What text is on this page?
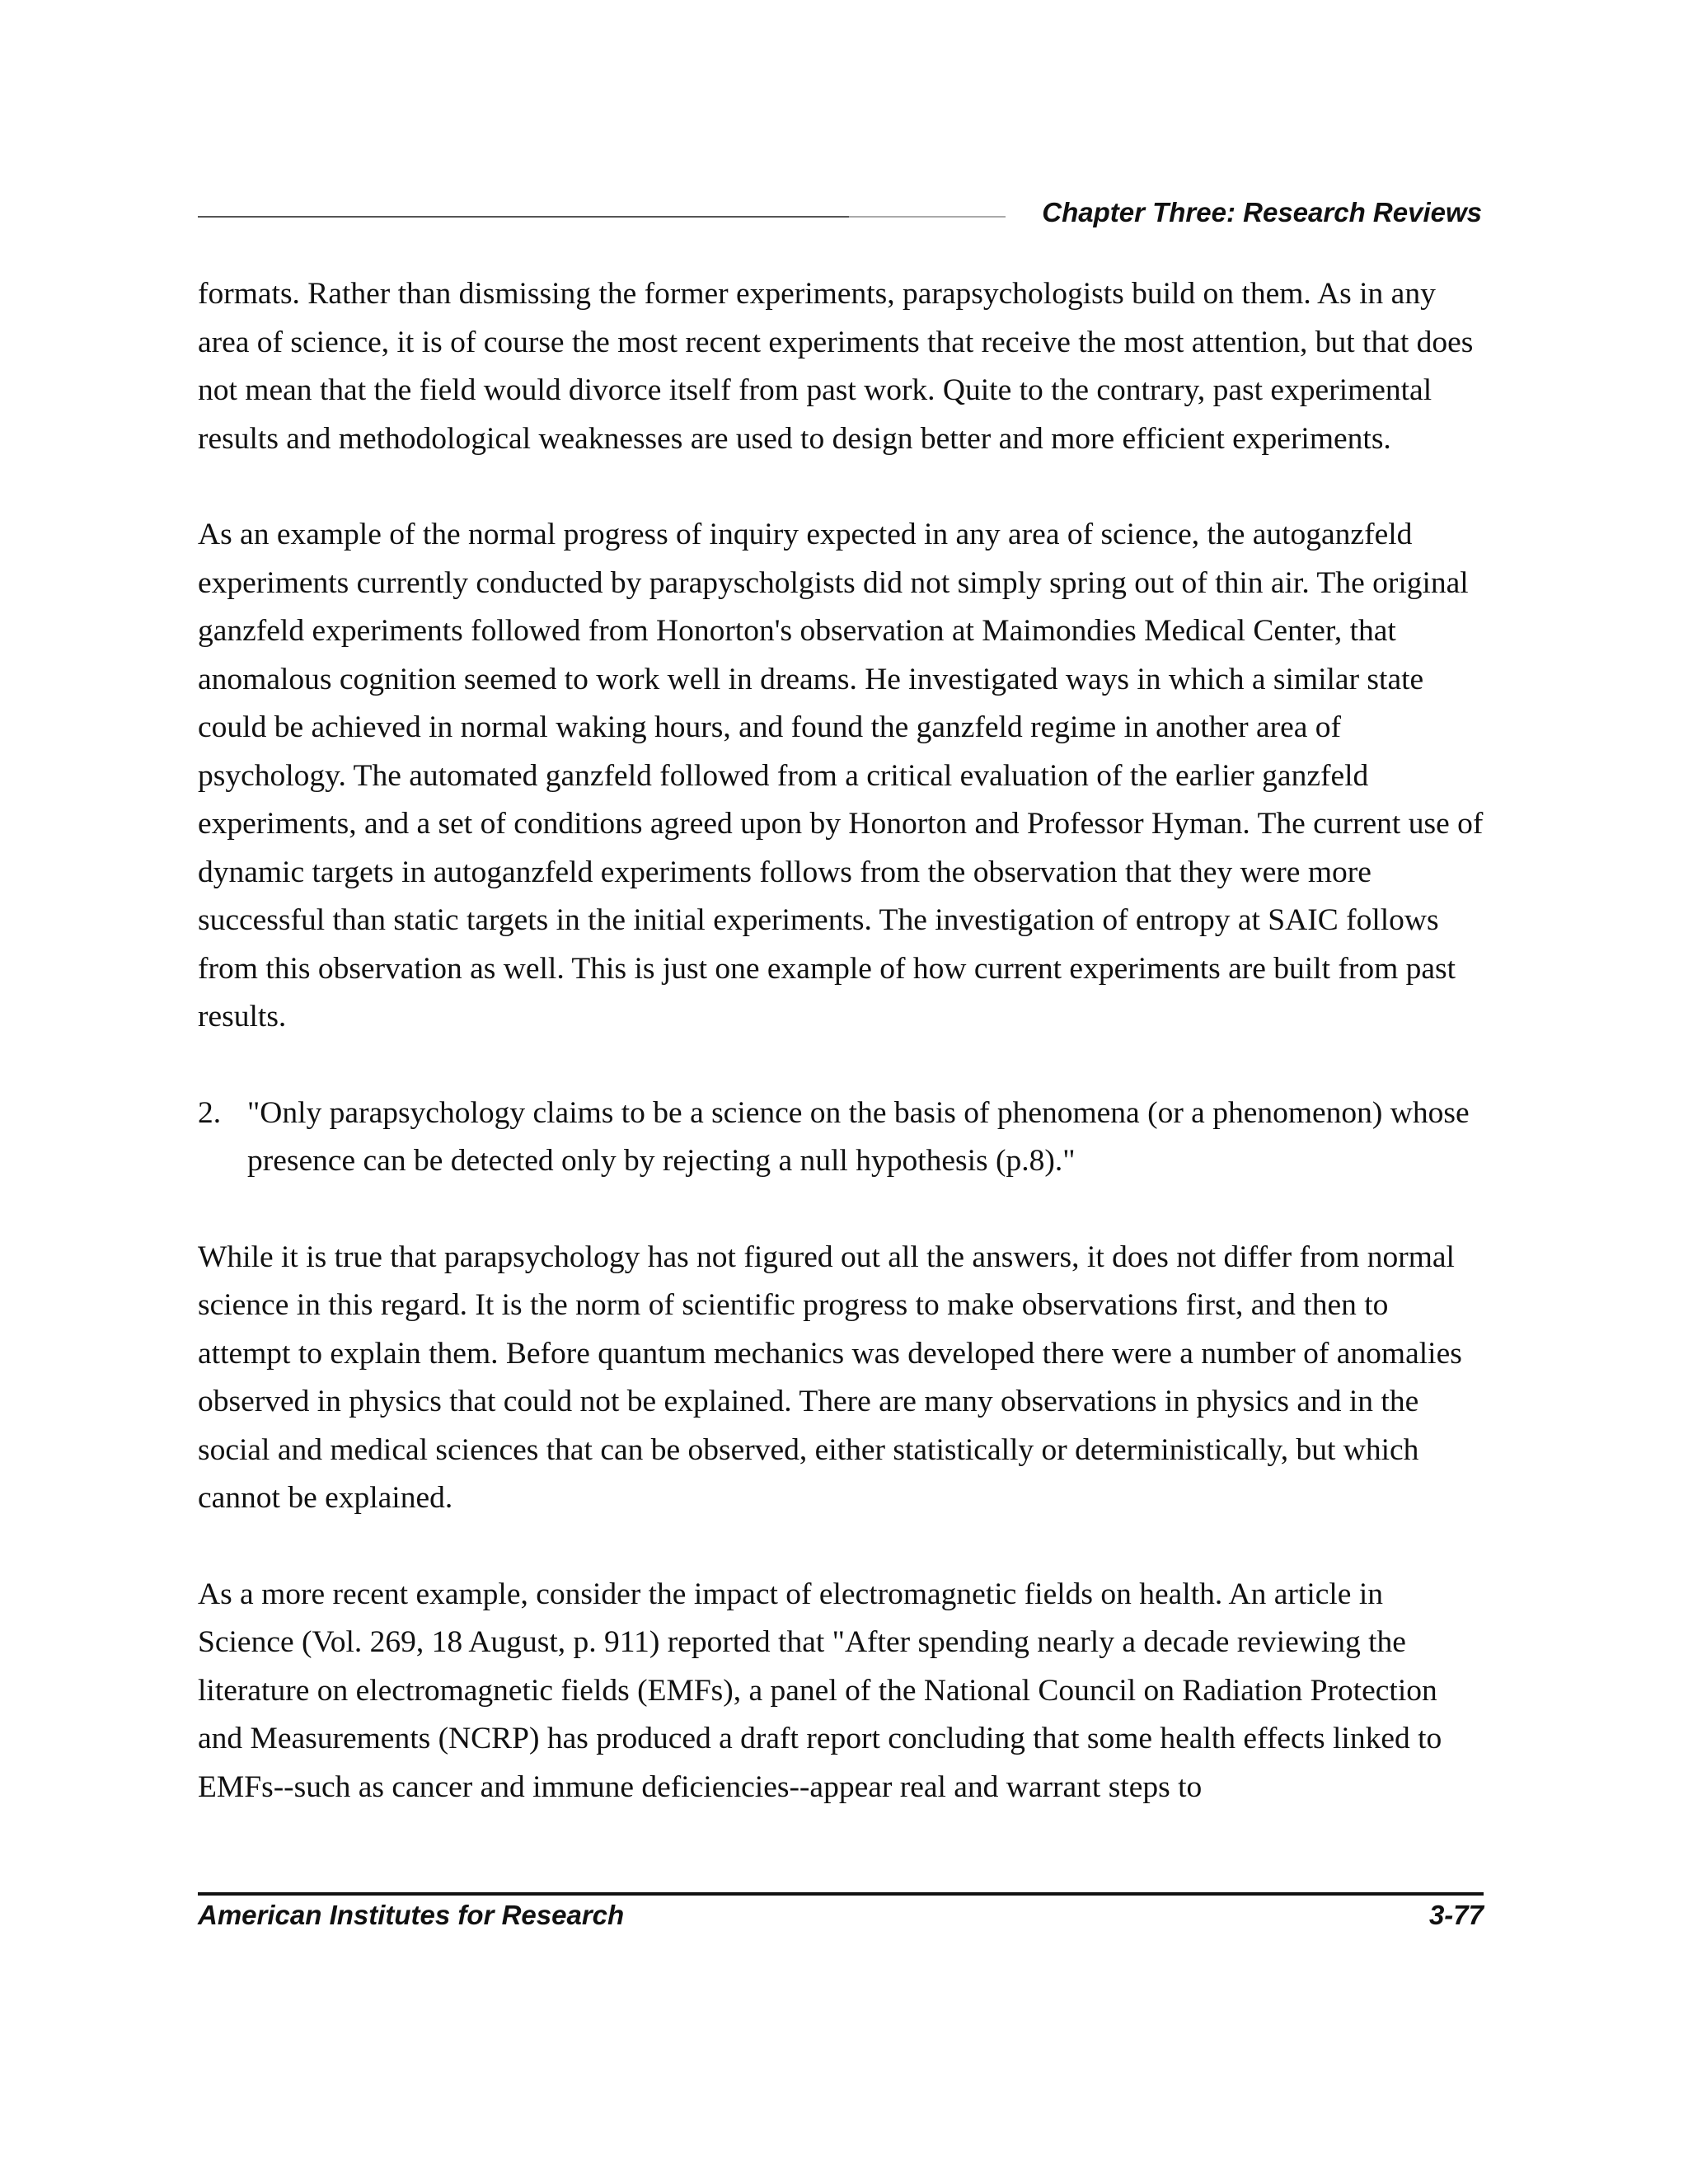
Chapter Three: Research Reviews

formats. Rather than dismissing the former experiments, parapsychologists build on them. As in any area of science, it is of course the most recent experiments that receive the most attention, but that does not mean that the field would divorce itself from past work. Quite to the contrary, past experimental results and methodological weaknesses are used to design better and more efficient experiments.

As an example of the normal progress of inquiry expected in any area of science, the autoganzfeld experiments currently conducted by parapyscholgists did not simply spring out of thin air. The original ganzfeld experiments followed from Honorton's observation at Maimondies Medical Center, that anomalous cognition seemed to work well in dreams. He investigated ways in which a similar state could be achieved in normal waking hours, and found the ganzfeld regime in another area of psychology. The automated ganzfeld followed from a critical evaluation of the earlier ganzfeld experiments, and a set of conditions agreed upon by Honorton and Professor Hyman. The current use of dynamic targets in autoganzfeld experiments follows from the observation that they were more successful than static targets in the initial experiments. The investigation of entropy at SAIC follows from this observation as well. This is just one example of how current experiments are built from past results.

2. "Only parapsychology claims to be a science on the basis of phenomena (or a phenomenon) whose presence can be detected only by rejecting a null hypothesis (p.8)."

While it is true that parapsychology has not figured out all the answers, it does not differ from normal science in this regard. It is the norm of scientific progress to make observations first, and then to attempt to explain them. Before quantum mechanics was developed there were a number of anomalies observed in physics that could not be explained. There are many observations in physics and in the social and medical sciences that can be observed, either statistically or deterministically, but which cannot be explained.

As a more recent example, consider the impact of electromagnetic fields on health. An article in Science (Vol. 269, 18 August, p. 911) reported that "After spending nearly a decade reviewing the literature on electromagnetic fields (EMFs), a panel of the National Council on Radiation Protection and Measurements (NCRP) has produced a draft report concluding that some health effects linked to EMFs--such as cancer and immune deficiencies--appear real and warrant steps to

American Institutes for Research	3-77
